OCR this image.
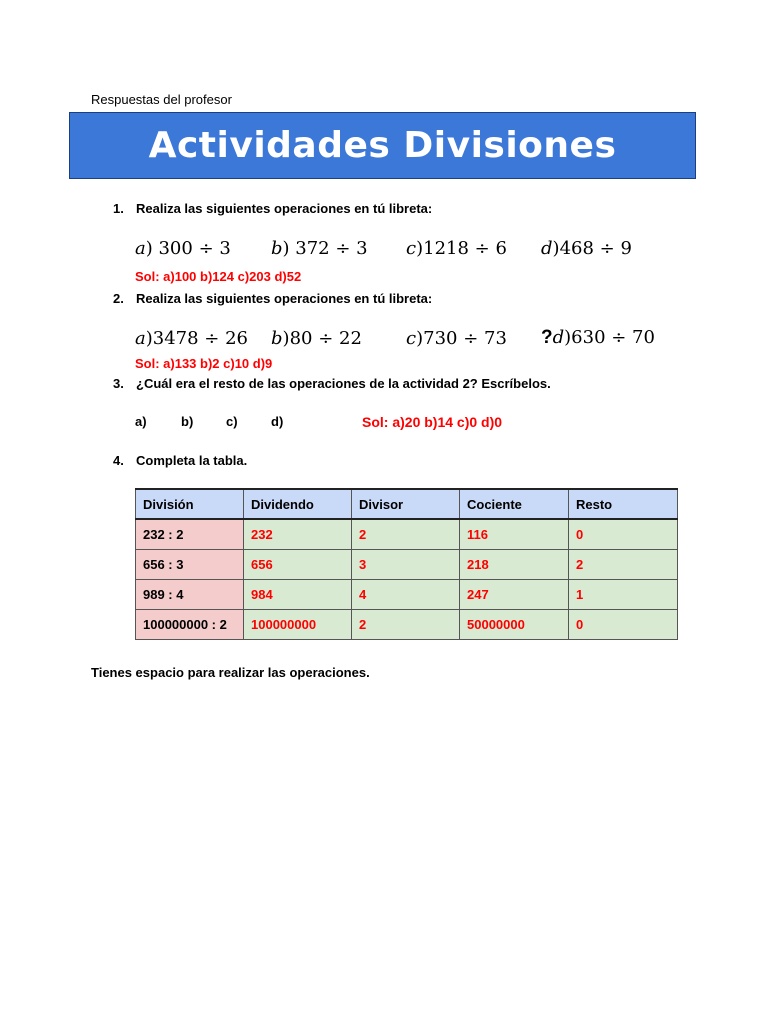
Respuestas del profesor
Actividades Divisiones
1. Realiza las siguientes operaciones en tú libreta:
a) 300 ÷ 3 b) 372 ÷ 3 c)1218 ÷ 6 d)468 ÷ 9
Sol: a)100 b)124 c)203 d)52
2. Realiza las siguientes operaciones en tú libreta:
a)3478 ÷ 26 b)80 ÷ 22 c)730 ÷ 73 ?d)630 ÷ 70
Sol: a)133 b)2 c)10 d)9
3. ¿Cuál era el resto de las operaciones de la actividad 2? Escríbelos.
a)	b)	c)	d)	Sol: a)20 b)14 c)0 d)0
4. Completa la tabla.
División	Dividendo	Divisor	Cociente	Resto
232 : 2	232	2	116	0
656 : 3	656	3	218	2
989 : 4	984	4	247	1
100000000 : 2	100000000	2	50000000	0
Tienes espacio para realizar las operaciones.
